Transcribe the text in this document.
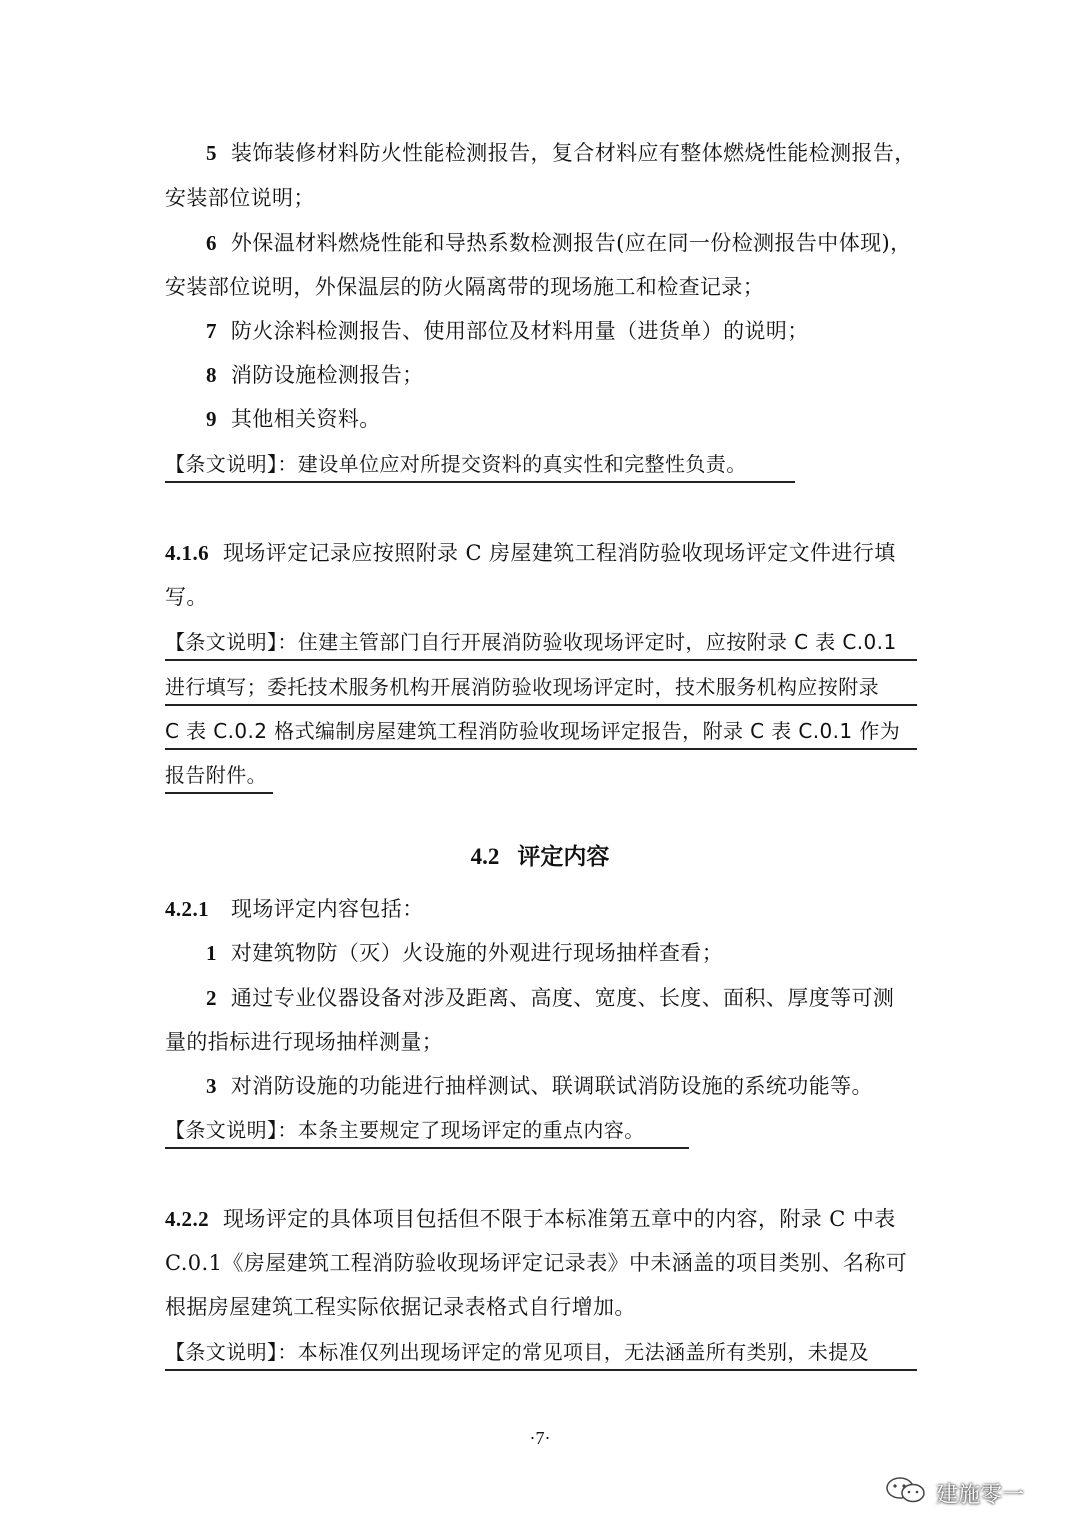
5 装饰装修材料防火性能检测报告，复合材料应有整体燃烧性能检测报告，
安装部位说明；
6 外保温材料燃烧性能和导热系数检测报告(应在同一份检测报告中体现)，
安装部位说明，外保温层的防火隔离带的现场施工和检查记录；
7 防火涂料检测报告、使用部位及材料用量（进货单）的说明；
8 消防设施检测报告；
9 其他相关资料。
【条文说明】：建设单位应对所提交资料的真实性和完整性负责。
4.1.6 现场评定记录应按照附录 C 房屋建筑工程消防验收现场评定文件进行填
写。
【条文说明】：住建主管部门自行开展消防验收现场评定时，应按附录 C 表 C.0.1
进行填写；委托技术服务机构开展消防验收现场评定时，技术服务机构应按附录
C 表 C.0.2 格式编制房屋建筑工程消防验收现场评定报告，附录 C 表 C.0.1 作为
报告附件。
4.2 评定内容
4.2.1 现场评定内容包括：
1 对建筑物防（灭）火设施的外观进行现场抽样查看；
2 通过专业仪器设备对涉及距离、高度、宽度、长度、面积、厚度等可测
量的指标进行现场抽样测量；
3 对消防设施的功能进行抽样测试、联调联试消防设施的系统功能等。
【条文说明】：本条主要规定了现场评定的重点内容。
4.2.2 现场评定的具体项目包括但不限于本标准第五章中的内容，附录 C 中表
C.0.1《房屋建筑工程消防验收现场评定记录表》中未涵盖的项目类别、名称可
根据房屋建筑工程实际依据记录表格式自行增加。
【条文说明】：本标准仅列出现场评定的常见项目，无法涵盖所有类别，未提及
·7·
建施零一
